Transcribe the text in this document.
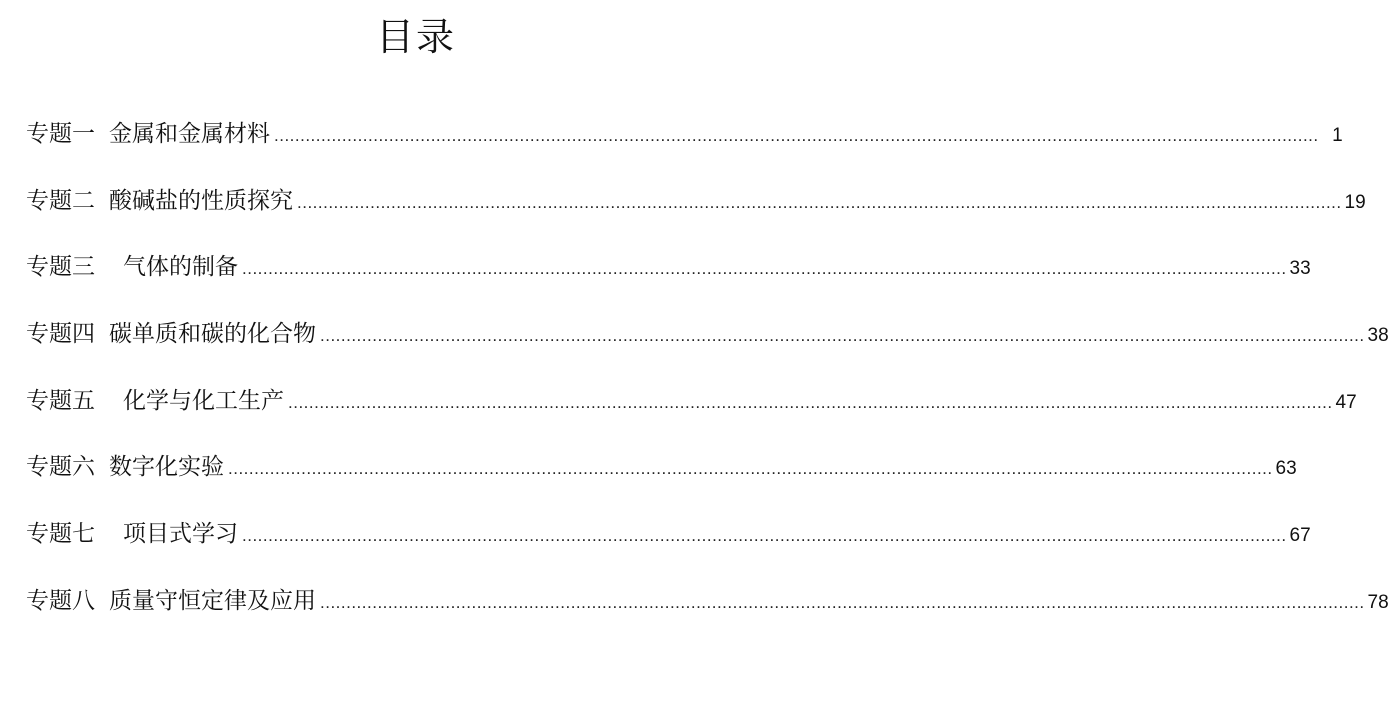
目录
专题一 金属和金属材料 ........................................................................................................................................................................................................ 1
专题二 酸碱盐的性质探究 ........................................................................................................................................................................................................ 19
专题三 气体的制备 ........................................................................................................................................................................................................ 33
专题四 碳单质和碳的化合物 ........................................................................................................................................................................................................ 38
专题五 化学与化工生产 ........................................................................................................................................................................................................ 47
专题六 数字化实验 ........................................................................................................................................................................................................ 63
专题七 项目式学习 ........................................................................................................................................................................................................ 67
专题八 质量守恒定律及应用 ........................................................................................................................................................................................................ 78
